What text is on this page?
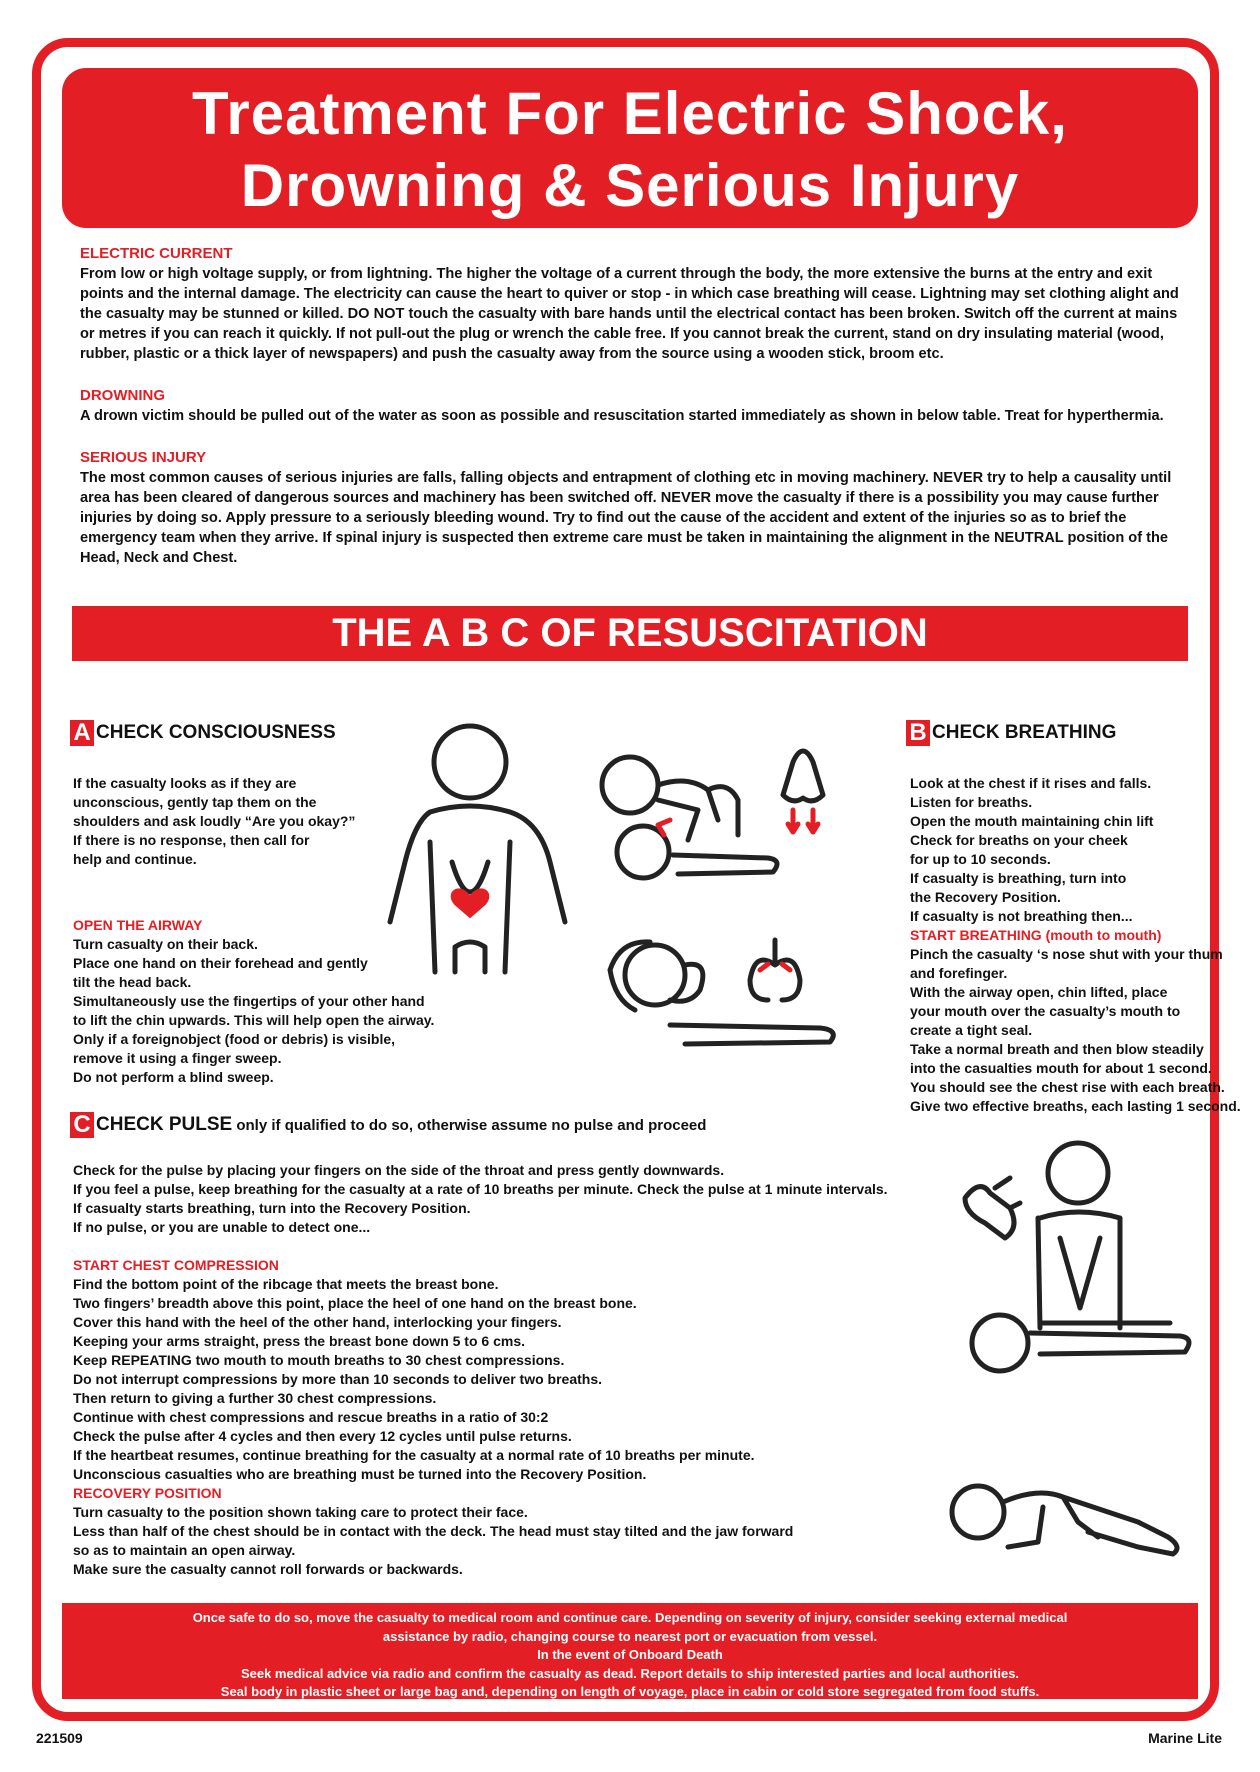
Treatment For Electric Shock,
Drowning & Serious Injury
ELECTRIC CURRENT
From low or high voltage supply, or from lightning. The higher the voltage of a current through the body, the more extensive the burns at the entry and exit points and the internal damage. The electricity can cause the heart to quiver or stop - in which case breathing will cease. Lightning may set clothing alight and the casualty may be stunned or killed. DO NOT touch the casualty with bare hands until the electrical contact has been broken. Switch off the current at mains or metres if you can reach it quickly. If not pull-out the plug or wrench the cable free. If you cannot break the current, stand on dry insulating material (wood, rubber, plastic or a thick layer of newspapers) and push the casualty away from the source using a wooden stick, broom etc.
DROWNING
A drown victim should be pulled out of the water as soon as possible and resuscitation started immediately as shown in below table. Treat for hyperthermia.
SERIOUS INJURY
The most common causes of serious injuries are falls, falling objects and entrapment of clothing etc in moving machinery. NEVER try to help a causality until area has been cleared of dangerous sources and machinery has been switched off. NEVER move the casualty if there is a possibility you may cause further injuries by doing so. Apply pressure to a seriously bleeding wound. Try to find out the cause of the accident and extent of the injuries so as to brief the emergency team when they arrive. If spinal injury is suspected then extreme care must be taken in maintaining the alignment in the NEUTRAL position of the Head, Neck and Chest.
THE A B C OF RESUSCITATION
A CHECK CONSCIOUSNESS
If the casualty looks as if they are
unconscious, gently tap them on the
shoulders and ask loudly “Are you okay?”
If there is no response, then call for
help and continue.
OPEN THE AIRWAY
Turn casualty on their back.
Place one hand on their forehead and gently
tilt the head back.
Simultaneously use the fingertips of your other hand
to lift the chin upwards. This will help open the airway.
Only if a foreignobject (food or debris) is visible,
remove it using a finger sweep.
Do not perform a blind sweep.
B CHECK BREATHING
Look at the chest if it rises and falls.
Listen for breaths.
Open the mouth maintaining chin lift
Check for breaths on your cheek
for up to 10 seconds.
If casualty is breathing, turn into
the Recovery Position.
If casualty is not breathing then...
START BREATHING (mouth to mouth)
Pinch the casualty ‘s nose shut with your thum
and forefinger.
With the airway open, chin lifted, place
your mouth over the casualty’s mouth to
create a tight seal.
Take a normal breath and then blow steadily
into the casualties mouth for about 1 second.
You should see the chest rise with each breath.
Give two effective breaths, each lasting 1 second.
C CHECK PULSE only if qualified to do so, otherwise assume no pulse and proceed
Check for the pulse by placing your fingers on the side of the throat and press gently downwards.
If you feel a pulse, keep breathing for the casualty at a rate of 10 breaths per minute. Check the pulse at 1 minute intervals.
If casualty starts breathing, turn into the Recovery Position.
If no pulse, or you are unable to detect one...
START CHEST COMPRESSION
Find the bottom point of the ribcage that meets the breast bone.
Two fingers’ breadth above this point, place the heel of one hand on the breast bone.
Cover this hand with the heel of the other hand, interlocking your fingers.
Keeping your arms straight, press the breast bone down 5 to 6 cms.
Keep REPEATING two mouth to mouth breaths to 30 chest compressions.
Do not interrupt compressions by more than 10 seconds to deliver two breaths.
Then return to giving a further 30 chest compressions.
Continue with chest compressions and rescue breaths in a ratio of 30:2
Check the pulse after 4 cycles and then every 12 cycles until pulse returns.
If the heartbeat resumes, continue breathing for the casualty at a normal rate of 10 breaths per minute.
Unconscious casualties who are breathing must be turned into the Recovery Position.
RECOVERY POSITION
Turn casualty to the position shown taking care to protect their face.
Less than half of the chest should be in contact with the deck. The head must stay tilted and the jaw forward
so as to maintain an open airway.
Make sure the casualty cannot roll forwards or backwards.
Once safe to do so, move the casualty to medical room and continue care. Depending on severity of injury, consider seeking external medical
assistance by radio, changing course to nearest port or evacuation from vessel.
In the event of Onboard Death
Seek medical advice via radio and confirm the casualty as dead. Report details to ship interested parties and local authorities.
Seal body in plastic sheet or large bag and, depending on length of voyage, place in cabin or cold store segregated from food stuffs.
221509	Marine Lite
